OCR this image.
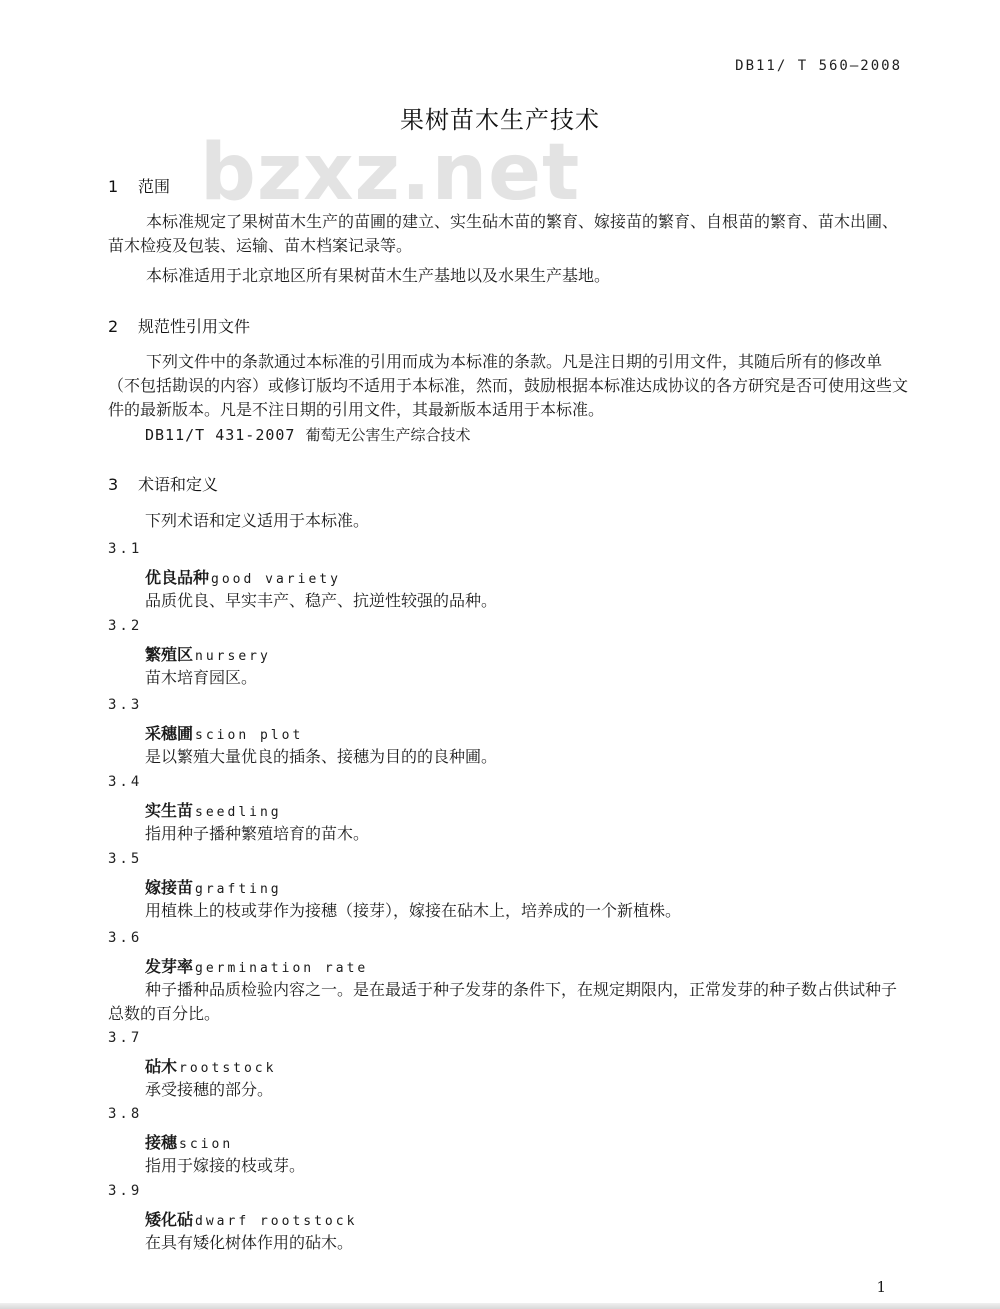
DB11/ T 560—2008
bzxz.net
果树苗木生产技术
1 范围
本标准规定了果树苗木生产的苗圃的建立、实生砧木苗的繁育、嫁接苗的繁育、自根苗的繁育、苗木出圃、苗木检疫及包装、运输、苗木档案记录等。
本标准适用于北京地区所有果树苗木生产基地以及水果生产基地。
2 规范性引用文件
下列文件中的条款通过本标准的引用而成为本标准的条款。凡是注日期的引用文件，其随后所有的修改单（不包括勘误的内容）或修订版均不适用于本标准，然而，鼓励根据本标准达成协议的各方研究是否可使用这些文件的最新版本。凡是不注日期的引用文件，其最新版本适用于本标准。
DB11/T 431-2007 葡萄无公害生产综合技术
3 术语和定义
下列术语和定义适用于本标准。
3.1
优良品种 good variety
品质优良、早实丰产、稳产、抗逆性较强的品种。
3.2
繁殖区 nursery
苗木培育园区。
3.3
采穗圃 scion plot
是以繁殖大量优良的插条、接穗为目的的良种圃。
3.4
实生苗 seedling
指用种子播种繁殖培育的苗木。
3.5
嫁接苗 grafting
用植株上的枝或芽作为接穗（接芽），嫁接在砧木上，培养成的一个新植株。
3.6
发芽率 germination rate
种子播种品质检验内容之一。是在最适于种子发芽的条件下，在规定期限内，正常发芽的种子数占供试种子总数的百分比。
3.7
砧木 rootstock
承受接穗的部分。
3.8
接穗 scion
指用于嫁接的枝或芽。
3.9
矮化砧 dwarf rootstock
在具有矮化树体作用的砧木。
1
